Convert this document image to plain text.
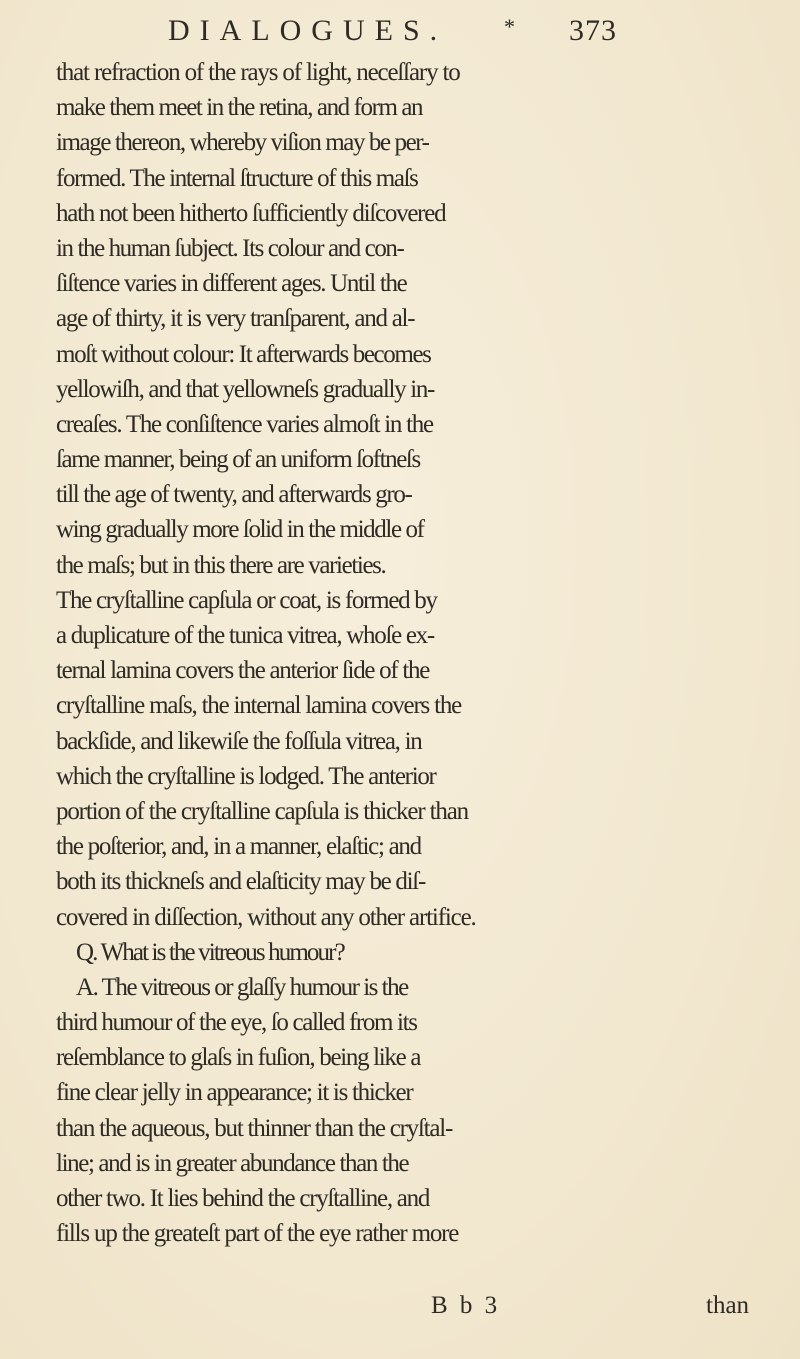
DIALOGUES.	* 373
that refraction of the rays of light, neceſſary to
make them meet in the retina, and form an
image thereon, whereby viſion may be per-
formed. The internal ſtructure of this maſs
hath not been hitherto ſufficiently diſcovered
in the human ſubject. Its colour and con-
ſiſtence varies in different ages. Until the
age of thirty, it is very tranſparent, and al-
moſt without colour: It afterwards becomes
yellowiſh, and that yellowneſs gradually in-
creaſes. The conſiſtence varies almoſt in the
ſame manner, being of an uniform ſoftneſs
till the age of twenty, and afterwards gro-
wing gradually more ſolid in the middle of
the maſs; but in this there are varieties.
The cryſtalline capſula or coat, is formed by
a duplicature of the tunica vitrea, whoſe ex-
ternal lamina covers the anterior ſide of the
cryſtalline maſs, the internal lamina covers the
backſide, and likewiſe the foſſula vitrea, in
which the cryſtalline is lodged. The anterior
portion of the cryſtalline capſula is thicker than
the poſterior, and, in a manner, elaſtic; and
both its thickneſs and elaſticity may be diſ-
covered in diſſection, without any other artifice.
Q. What is the vitreous humour?
A. The vitreous or glaſſy humour is the
third humour of the eye, ſo called from its
reſemblance to glaſs in fuſion, being like a
fine clear jelly in appearance; it is thicker
than the aqueous, but thinner than the cryſtal-
line; and is in greater abundance than the
other two. It lies behind the cryſtalline, and
fills up the greateſt part of the eye rather more
B b 3	than
